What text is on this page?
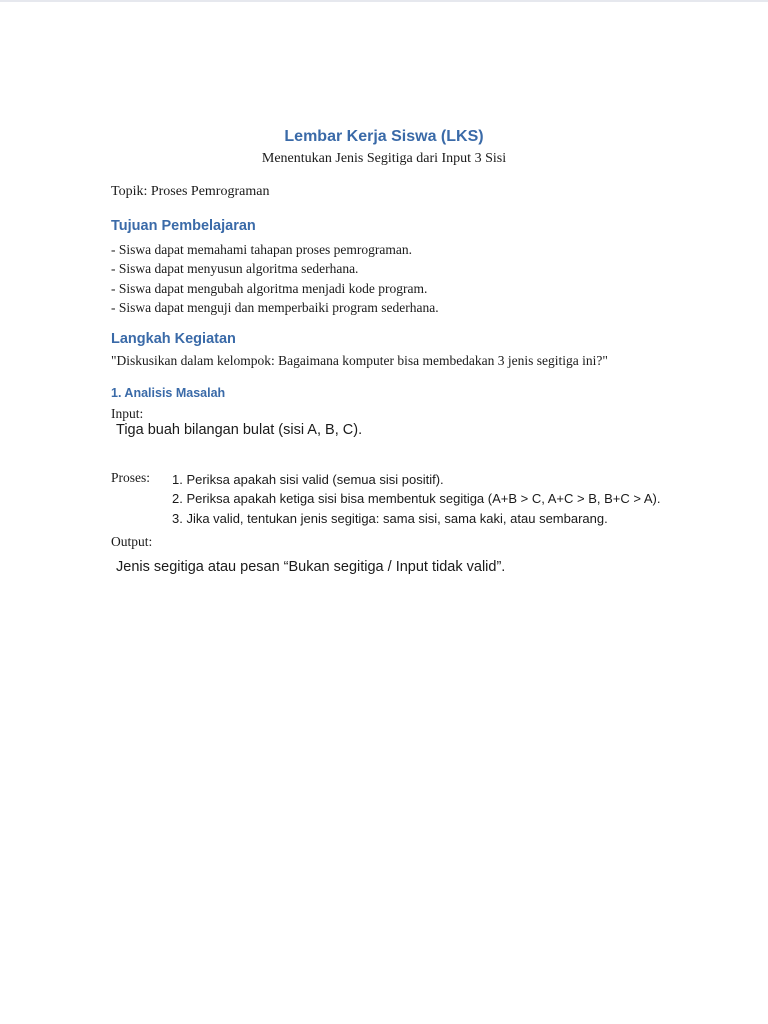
Lembar Kerja Siswa (LKS)
Menentukan Jenis Segitiga dari Input 3 Sisi
Topik: Proses Pemrograman
Tujuan Pembelajaran
- Siswa dapat memahami tahapan proses pemrograman.
- Siswa dapat menyusun algoritma sederhana.
- Siswa dapat mengubah algoritma menjadi kode program.
- Siswa dapat menguji dan memperbaiki program sederhana.
Langkah Kegiatan
"Diskusikan dalam kelompok: Bagaimana komputer bisa membedakan 3 jenis segitiga ini?"
1. Analisis Masalah
Input:
Tiga buah bilangan bulat (sisi A, B, C).
Proses: 1. Periksa apakah sisi valid (semua sisi positif).
2. Periksa apakah ketiga sisi bisa membentuk segitiga (A+B > C, A+C > B, B+C > A).
3. Jika valid, tentukan jenis segitiga: sama sisi, sama kaki, atau sembarang.
Output:
Jenis segitiga atau pesan “Bukan segitiga / Input tidak valid”.
